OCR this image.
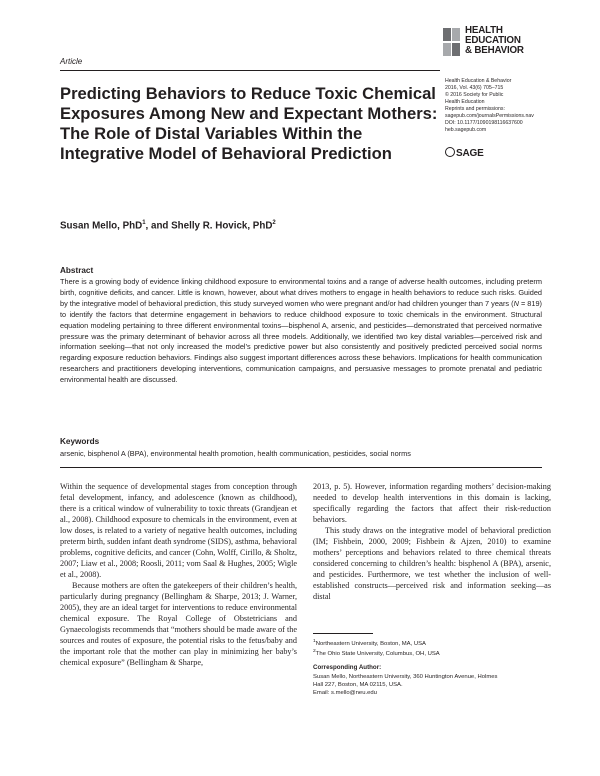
Article
HEALTH
EDUCATION
& BEHAVIOR
Health Education & Behavior
2016, Vol. 43(6) 705–715
© 2016 Society for Public
Health Education
Reprints and permissions:
sagepub.com/journalsPermissions.nav
DOI: 10.1177/1090198116637600
heb.sagepub.com
SAGE
Predicting Behaviors to Reduce Toxic Chemical Exposures Among New and Expectant Mothers: The Role of Distal Variables Within the Integrative Model of Behavioral Prediction
Susan Mello, PhD$^1$, and Shelly R. Hovick, PhD$^2$
Abstract
There is a growing body of evidence linking childhood exposure to environmental toxins and a range of adverse health outcomes, including preterm birth, cognitive deficits, and cancer. Little is known, however, about what drives mothers to engage in health behaviors to reduce such risks. Guided by the integrative model of behavioral prediction, this study surveyed women who were pregnant and/or had children younger than 7 years (N = 819) to identify the factors that determine engagement in behaviors to reduce childhood exposure to toxic chemicals in the environment. Structural equation modeling pertaining to three different environmental toxins—bisphenol A, arsenic, and pesticides—demonstrated that perceived normative pressure was the primary determinant of behavior across all three models. Additionally, we identified two key distal variables—perceived risk and information seeking—that not only increased the model’s predictive power but also consistently and positively predicted perceived social norms regarding exposure reduction behaviors. Findings also suggest important differences across these behaviors. Implications for health communication researchers and practitioners developing interventions, communication campaigns, and persuasive messages to promote prenatal and pediatric environmental health are discussed.
Keywords
arsenic, bisphenol A (BPA), environmental health promotion, health communication, pesticides, social norms

Within the sequence of developmental stages from conception through fetal development, infancy, and adolescence (known as childhood), there is a critical window of vulnerability to toxic threats (Grandjean et al., 2008). Childhood exposure to chemicals in the environment, even at low doses, is related to a variety of negative health outcomes, including preterm birth, sudden infant death syndrome (SIDS), asthma, behavioral problems, cognitive deficits, and cancer (Cohn, Wolff, Cirillo, & Sholtz, 2007; Liaw et al., 2008; Roosli, 2011; vom Saal & Hughes, 2005; Wigle et al., 2008).

Because mothers are often the gatekeepers of their children’s health, particularly during pregnancy (Bellingham & Sharpe, 2013; J. Warner, 2005), they are an ideal target for interventions to reduce environmental chemical exposure. The Royal College of Obstetricians and Gynaecologists recommends that “mothers should be made aware of the sources and routes of exposure, the potential risks to the fetus/baby and the important role that the mother can play in minimizing her baby’s chemical exposure” (Bellingham & Sharpe,

2013, p. 5). However, information regarding mothers’ decision-making needed to develop health interventions in this domain is lacking, specifically regarding the factors that affect their risk-reduction behaviors.

This study draws on the integrative model of behavioral prediction (IM; Fishbein, 2000, 2009; Fishbein & Ajzen, 2010) to examine mothers’ perceptions and behaviors related to three chemical threats considered concerning to children’s health: bisphenol A (BPA), arsenic, and pesticides. Furthermore, we test whether the inclusion of well-established constructs—perceived risk and information seeking—as distal

$^1$Northeastern University, Boston, MA, USA

$^2$The Ohio State University, Columbus, OH, USA

Corresponding Author:

Susan Mello, Northeastern University, 360 Huntington Avenue, Holmes

Hall 227, Boston, MA 02115, USA.

Email: s.mello@neu.edu
